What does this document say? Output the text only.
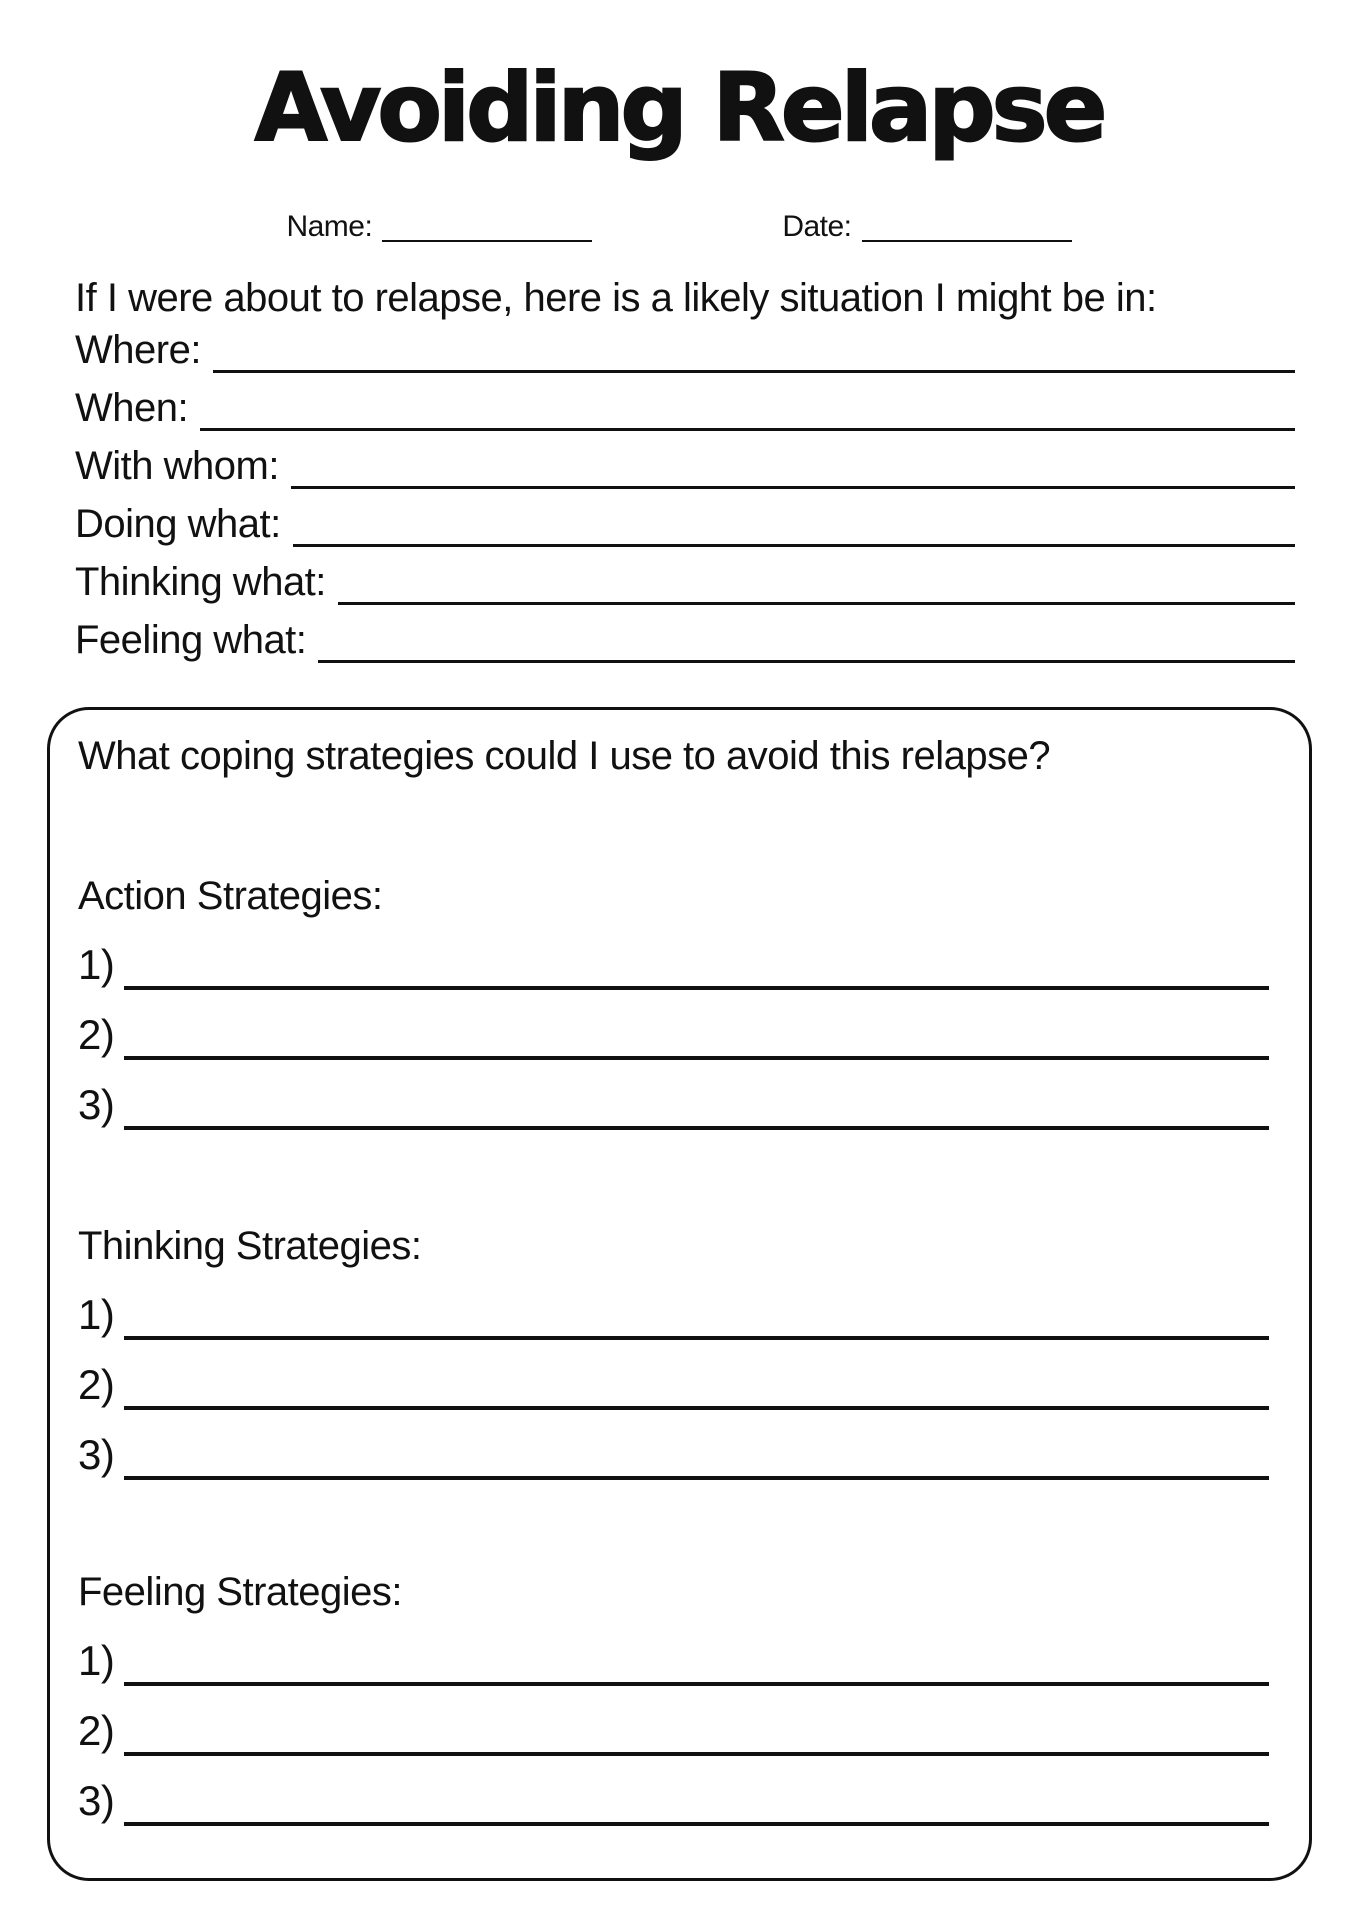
Avoiding Relapse
Name:	Date:
If I were about to relapse, here is a likely situation I might be in:
Where:
When:
With whom:
Doing what:
Thinking what:
Feeling what:
What coping strategies could I use to avoid this relapse?
Action Strategies:
1)
2)
3)
Thinking Strategies:
1)
2)
3)
Feeling Strategies:
1)
2)
3)
